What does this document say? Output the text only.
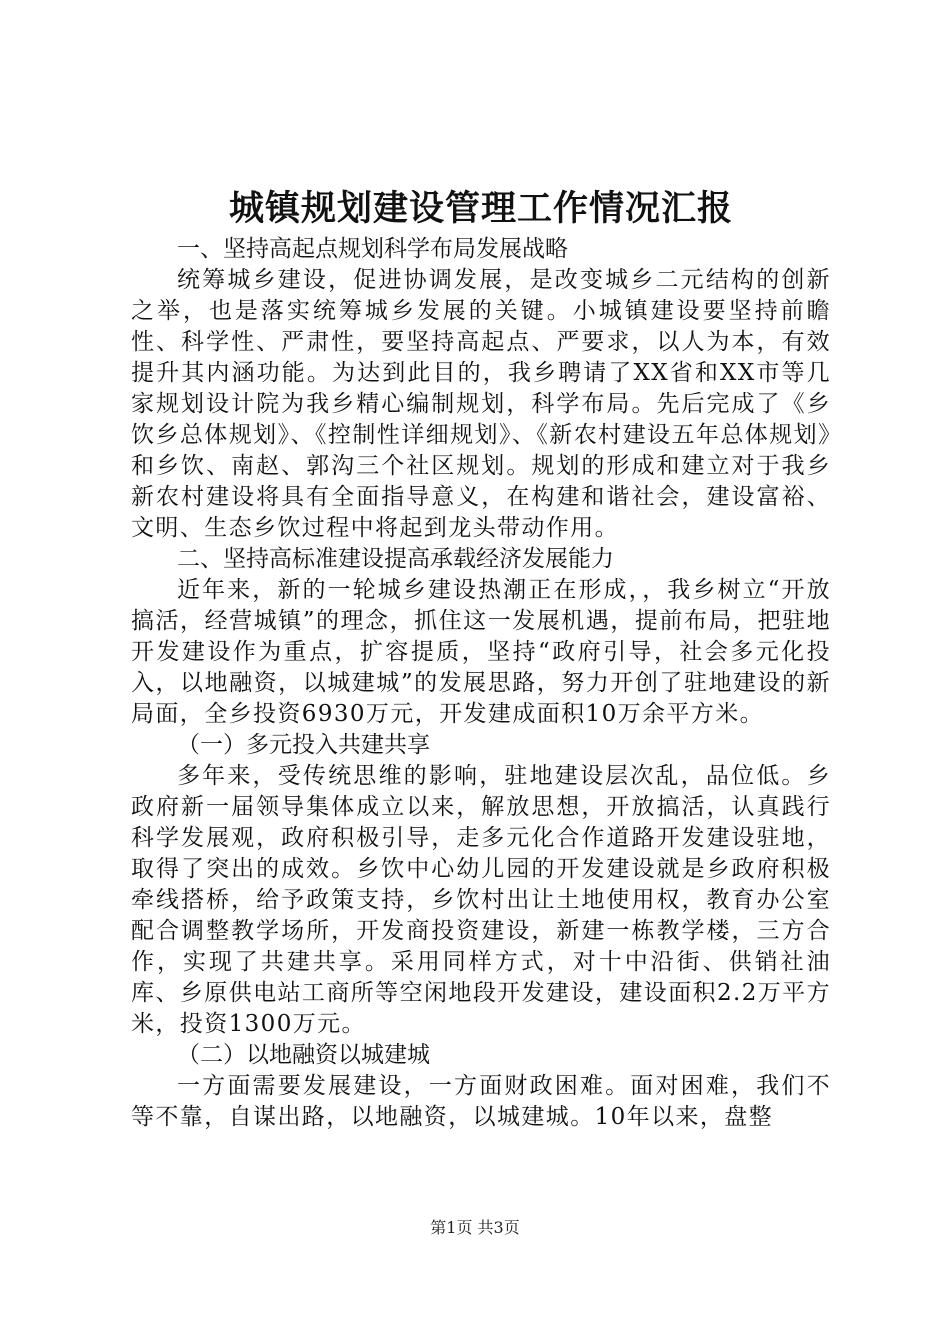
城镇规划建设管理工作情况汇报

一、坚持高起点规划科学布局发展战略

统筹城乡建设，促进协调发展，是改变城乡二元结构的创新之举，也是落实统筹城乡发展的关键。小城镇建设要坚持前瞻性、科学性、严肃性，要坚持高起点、严要求，以人为本，有效提升其内涵功能。为达到此目的，我乡聘请了XX省和XX市等几家规划设计院为我乡精心编制规划，科学布局。先后完成了《乡饮乡总体规划》、《控制性详细规划》、《新农村建设五年总体规划》和乡饮、南赵、郭沟三个社区规划。规划的形成和建立对于我乡新农村建设将具有全面指导意义，在构建和谐社会，建设富裕、文明、生态乡饮过程中将起到龙头带动作用。

二、坚持高标准建设提高承载经济发展能力

近年来，新的一轮城乡建设热潮正在形成，，我乡树立“开放搞活，经营城镇”的理念，抓住这一发展机遇，提前布局，把驻地开发建设作为重点，扩容提质，坚持“政府引导，社会多元化投入，以地融资，以城建城”的发展思路，努力开创了驻地建设的新局面，全乡投资6930万元，开发建成面积10万余平方米。

（一）多元投入共建共享

多年来，受传统思维的影响，驻地建设层次乱，品位低。乡政府新一届领导集体成立以来，解放思想，开放搞活，认真践行科学发展观，政府积极引导，走多元化合作道路开发建设驻地，取得了突出的成效。乡饮中心幼儿园的开发建设就是乡政府积极牵线搭桥，给予政策支持，乡饮村出让土地使用权，教育办公室配合调整教学场所，开发商投资建设，新建一栋教学楼，三方合作，实现了共建共享。采用同样方式，对十中沿街、供销社油库、乡原供电站工商所等空闲地段开发建设，建设面积2.2万平方米，投资1300万元。

（二）以地融资以城建城

一方面需要发展建设，一方面财政困难。面对困难，我们不等不靠，自谋出路，以地融资，以城建城。10年以来，盘整

第1页 共3页
